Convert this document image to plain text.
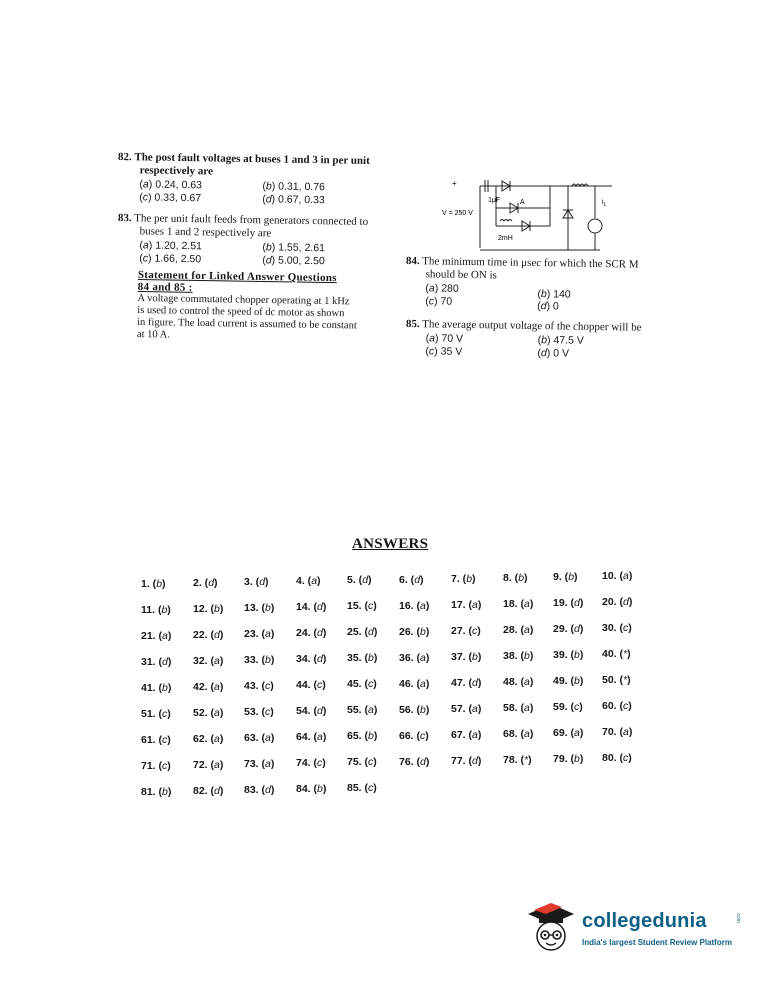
82. The post fault voltages at buses 1 and 3 in per unit
respectively are
(a) 0.24, 0.63	(b) 0.31, 0.76
(c) 0.33, 0.67	(d) 0.67, 0.33
83. The per unit fault feeds from generators connected to
buses 1 and 2 respectively are
(a) 1.20, 2.51	(b) 1.55, 2.61
(c) 1.66, 2.50	(d) 5.00, 2.50
Statement for Linked Answer Questions
84 and 85 :
A voltage commutated chopper operating at 1 kHz
is used to control the speed of dc motor as shown
in figure. The load current is assumed to be constant
at 10 A.
+
1μF
V = 250 V
A
2mH
$i_L$
84. The minimum time in μsec for which the SCR M
should be ON is
(a) 280	(b) 140
(c) 70	(d) 0
85. The average output voltage of the chopper will be
(a) 70 V	(b) 47.5 V
(c) 35 V	(d) 0 V
ANSWERS
1. (b)	2. (d)	3. (d)	4. (a)	5. (d)	6. (d)	7. (b)	8. (b) 9. (b) 10. (a)
11. (b) 12. (b) 13. (b) 14. (d) 15. (c) 16. (a) 17. (a) 18. (a) 19. (d) 20. (d)
21. (a) 22. (d) 23. (a) 24. (d) 25. (d) 26. (b) 27. (c) 28. (a) 29. (d) 30. (c)
31. (d) 32. (a) 33. (b) 34. (d) 35. (b) 36. (a) 37. (b) 38. (b) 39. (b) 40. (*)
41. (b) 42. (a) 43. (c) 44. (c) 45. (c) 46. (a) 47. (d) 48. (a) 49. (b) 50. (*)
51. (c) 52. (a) 53. (c) 54. (d) 55. (a) 56. (b) 57. (a) 58. (a) 59. (c) 60. (c)
61. (c) 62. (a) 63. (a) 64. (a) 65. (b) 66. (c) 67. (a) 68. (a) 69. (a) 70. (a)
71. (c) 72. (a) 73. (a) 74. (c) 75. (c) 76. (d) 77. (d) 78. (*) 79. (b) 80. (c)
81. (b) 82. (d) 83. (d) 84. (b) 85. (c)
collegedunia	.com
India's largest Student Review Platform
